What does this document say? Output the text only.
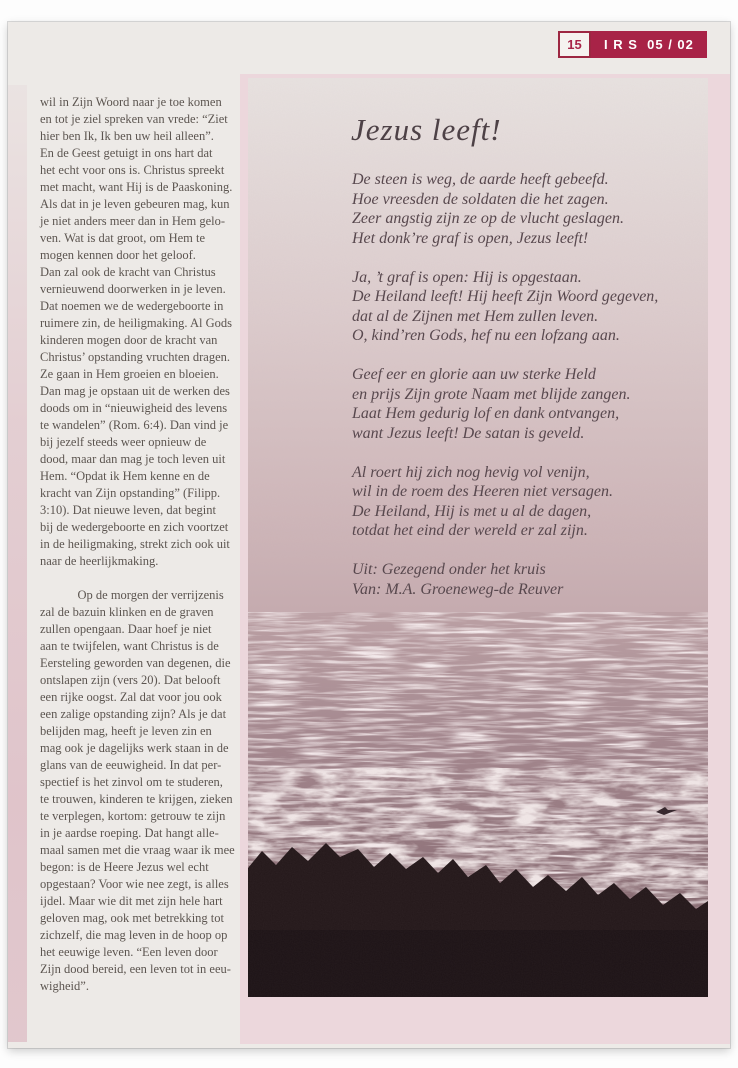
15	I R S  05 / 02
wil in Zijn Woord naar je toe komen
en tot je ziel spreken van vrede: “Ziet
hier ben Ik, Ik ben uw heil alleen”.
En de Geest getuigt in ons hart dat
het echt voor ons is. Christus spreekt
met macht, want Hij is de Paaskoning.
Als dat in je leven gebeuren mag, kun
je niet anders meer dan in Hem gelo-
ven. Wat is dat groot, om Hem te
mogen kennen door het geloof.
Dan zal ook de kracht van Christus
vernieuwend doorwerken in je leven.
Dat noemen we de wedergeboorte in
ruimere zin, de heiligmaking. Al Gods
kinderen mogen door de kracht van
Christus’ opstanding vruchten dragen.
Ze gaan in Hem groeien en bloeien.
Dan mag je opstaan uit de werken des
doods om in “nieuwigheid des levens
te wandelen” (Rom. 6:4). Dan vind je
bij jezelf steeds weer opnieuw de
dood, maar dan mag je toch leven uit
Hem. “Opdat ik Hem kenne en de
kracht van Zijn opstanding” (Filipp.
3:10). Dat nieuwe leven, dat begint
bij de wedergeboorte en zich voortzet
in de heiligmaking, strekt zich ook uit
naar de heerlijkmaking.
Op de morgen der verrijzenis
zal de bazuin klinken en de graven
zullen opengaan. Daar hoef je niet
aan te twijfelen, want Christus is de
Eersteling geworden van degenen, die
ontslapen zijn (vers 20). Dat belooft
een rijke oogst. Zal dat voor jou ook
een zalige opstanding zijn? Als je dat
belijden mag, heeft je leven zin en
mag ook je dagelijks werk staan in de
glans van de eeuwigheid. In dat per-
spectief is het zinvol om te studeren,
te trouwen, kinderen te krijgen, zieken
te verplegen, kortom: getrouw te zijn
in je aardse roeping. Dat hangt alle-
maal samen met die vraag waar ik mee
begon: is de Heere Jezus wel echt
opgestaan? Voor wie nee zegt, is alles
ijdel. Maar wie dit met zijn hele hart
geloven mag, ook met betrekking tot
zichzelf, die mag leven in de hoop op
het eeuwige leven. “Een leven door
Zijn dood bereid, een leven tot in eeu-
wigheid”.
Jezus leeft!
De steen is weg, de aarde heeft gebeefd.
Hoe vreesden de soldaten die het zagen.
Zeer angstig zijn ze op de vlucht geslagen.
Het donk’re graf is open, Jezus leeft!
Ja, ’t graf is open: Hij is opgestaan.
De Heiland leeft! Hij heeft Zijn Woord gegeven,
dat al de Zijnen met Hem zullen leven.
O, kind’ren Gods, hef nu een lofzang aan.
Geef eer en glorie aan uw sterke Held
en prijs Zijn grote Naam met blijde zangen.
Laat Hem gedurig lof en dank ontvangen,
want Jezus leeft! De satan is geveld.
Al roert hij zich nog hevig vol venijn,
wil in de roem des Heeren niet versagen.
De Heiland, Hij is met u al de dagen,
totdat het eind der wereld er zal zijn.
Uit: Gezegend onder het kruis
Van: M.A. Groeneweg-de Reuver
